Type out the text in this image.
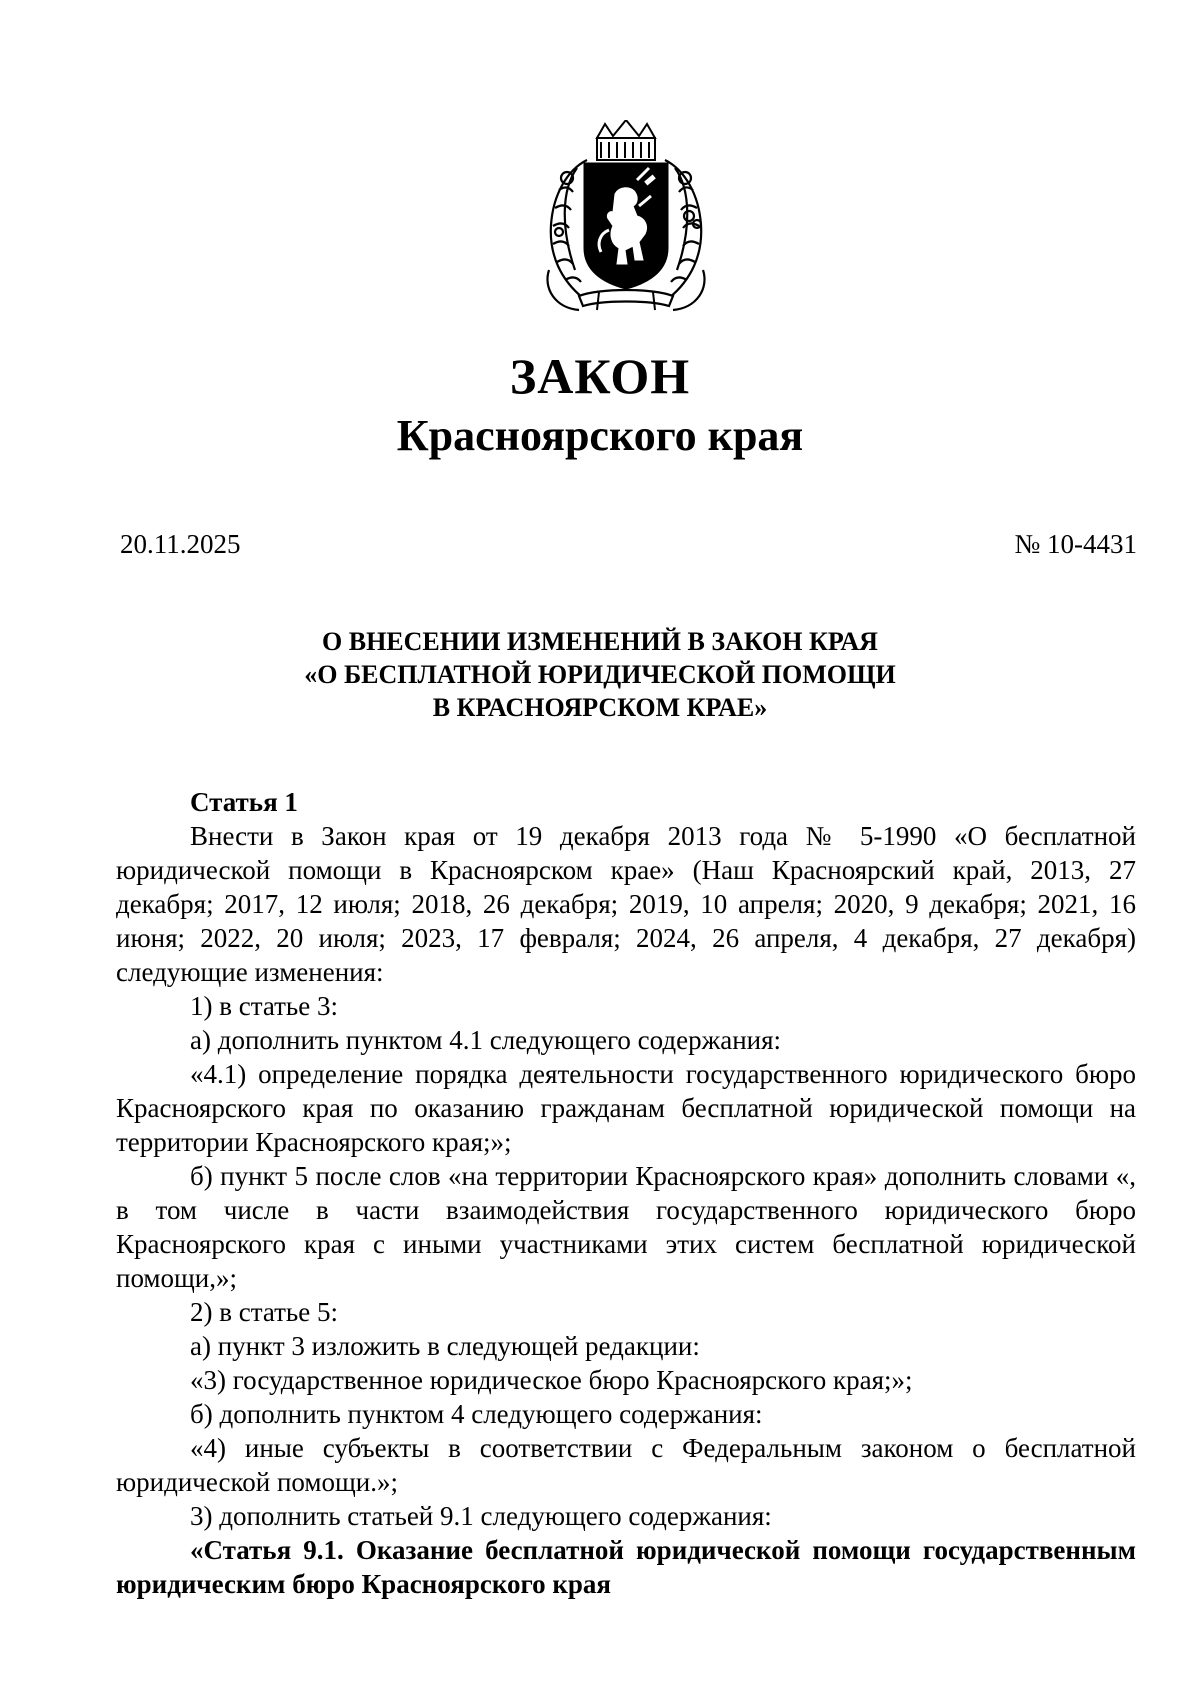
ЗАКОН
Красноярского края
20.11.2025	№ 10-4431
О ВНЕСЕНИИ ИЗМЕНЕНИЙ В ЗАКОН КРАЯ
«О БЕСПЛАТНОЙ ЮРИДИЧЕСКОЙ ПОМОЩИ
В КРАСНОЯРСКОМ КРАЕ»
Статья 1

Внести в Закон края от 19 декабря 2013 года № 5-1990 «О бесплатной юридической помощи в Красноярском крае» (Наш Красноярский край, 2013, 27 декабря; 2017, 12 июля; 2018, 26 декабря; 2019, 10 апреля; 2020, 9 декабря; 2021, 16 июня; 2022, 20 июля; 2023, 17 февраля; 2024, 26 апреля, 4 декабря, 27 декабря) следующие изменения:

1) в статье 3:

а) дополнить пунктом 4.1 следующего содержания:

«4.1) определение порядка деятельности государственного юридического бюро Красноярского края по оказанию гражданам бесплатной юридической помощи на территории Красноярского края;»;

б) пункт 5 после слов «на территории Красноярского края» дополнить словами «, в том числе в части взаимодействия государственного юридического бюро Красноярского края с иными участниками этих систем бесплатной юридической помощи,»;

2) в статье 5:

а) пункт 3 изложить в следующей редакции:

«3) государственное юридическое бюро Красноярского края;»;

б) дополнить пунктом 4 следующего содержания:

«4) иные субъекты в соответствии с Федеральным законом о бесплатной юридической помощи.»;

3) дополнить статьей 9.1 следующего содержания:

«Статья 9.1. Оказание бесплатной юридической помощи государственным юридическим бюро Красноярского края
